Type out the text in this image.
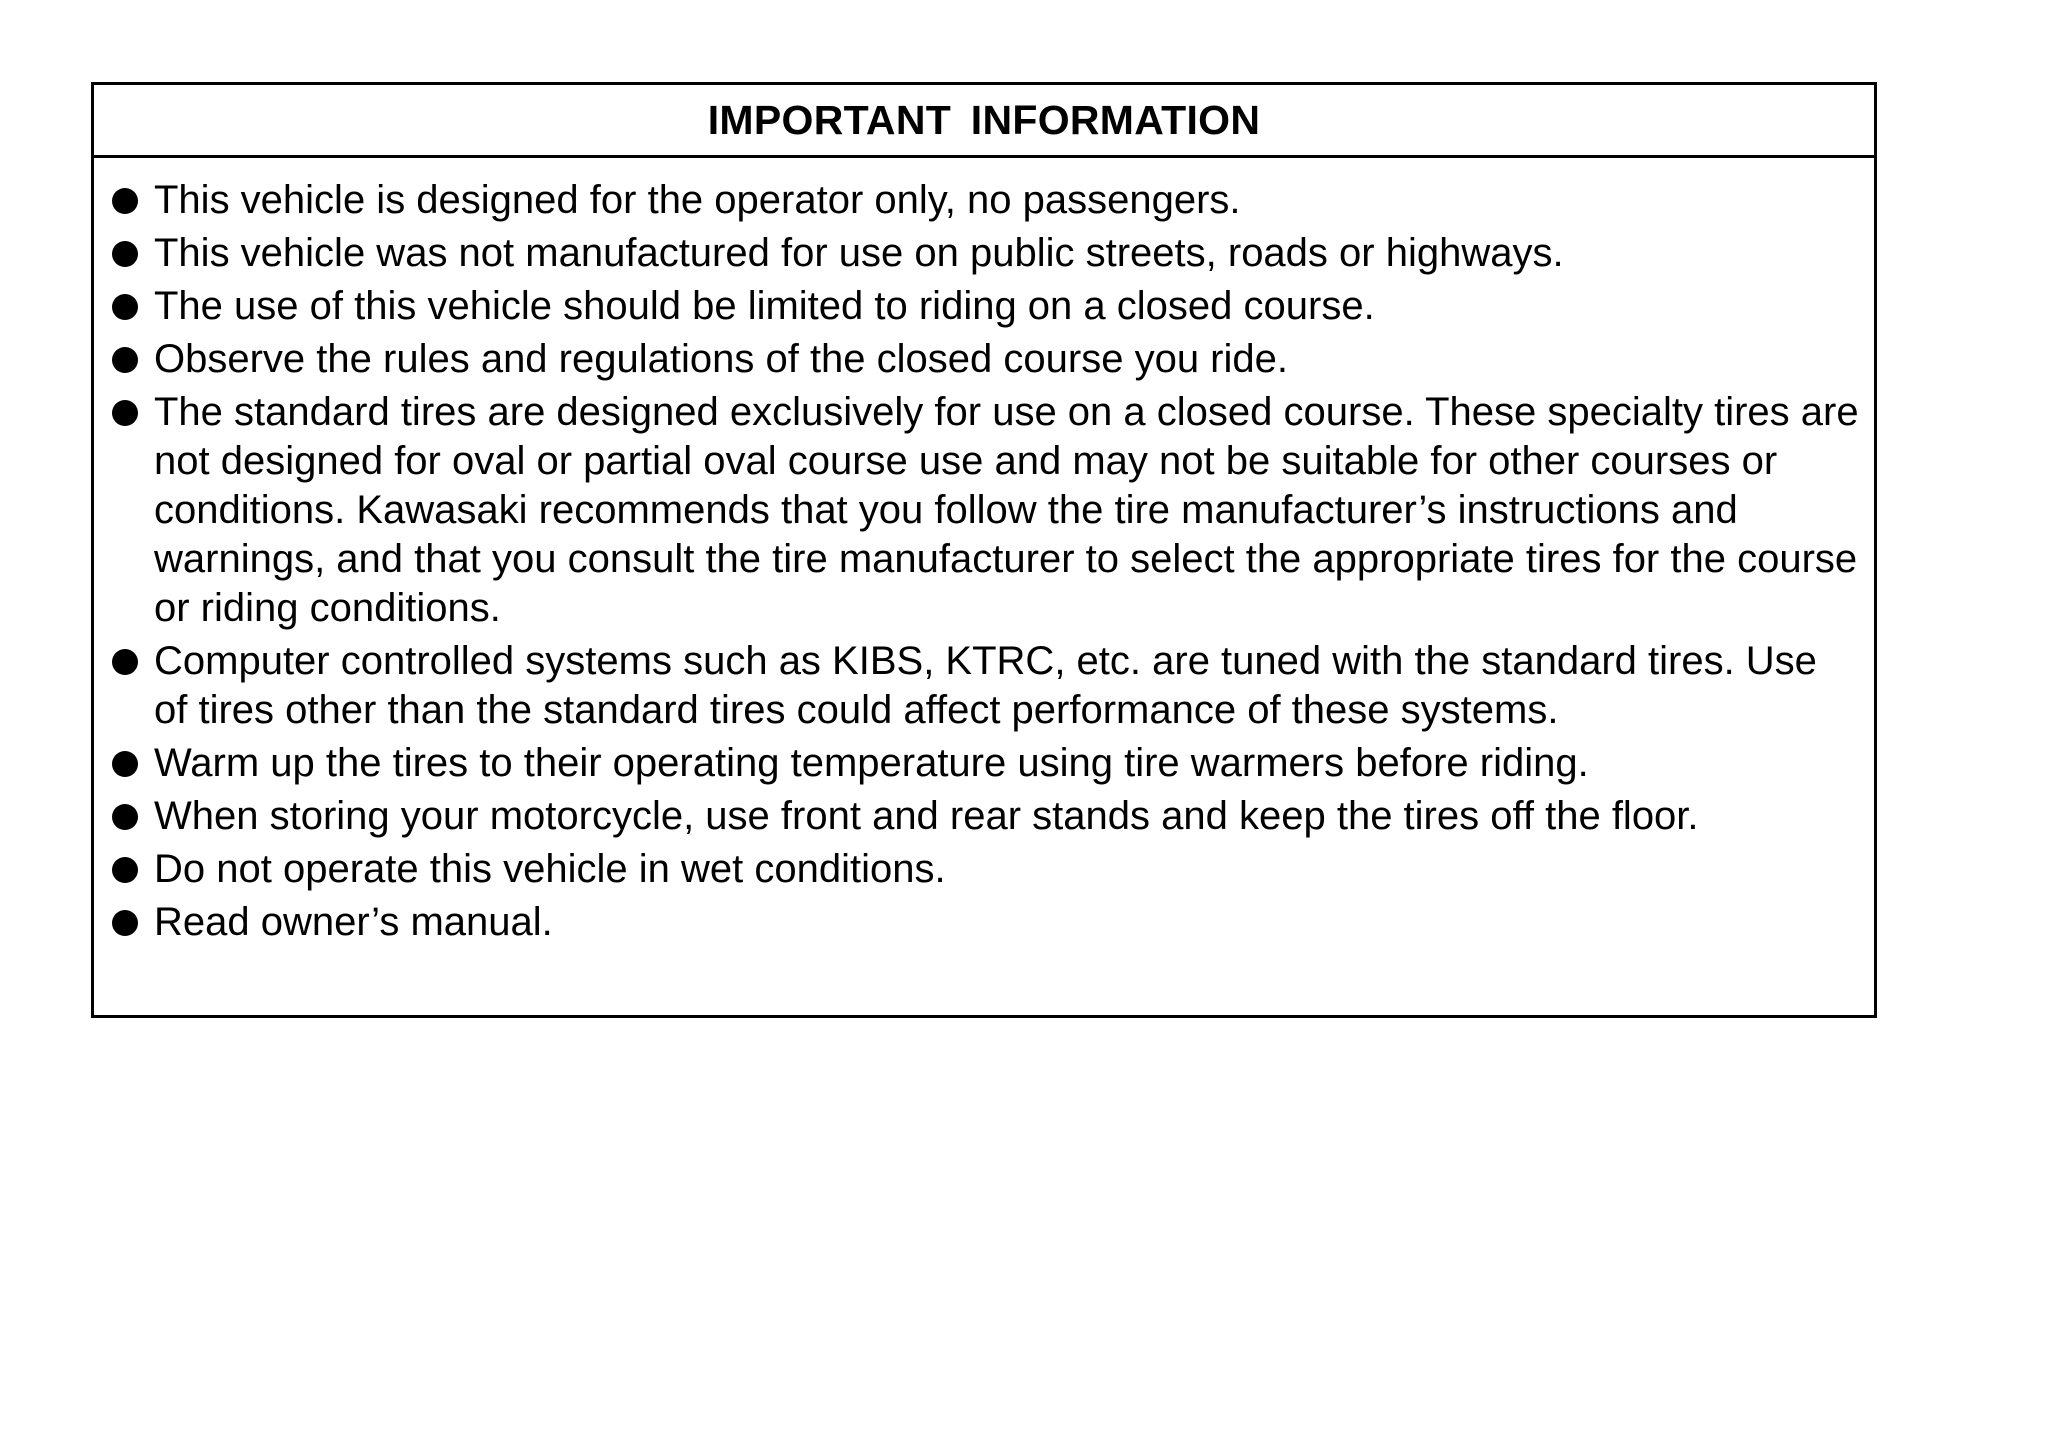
IMPORTANT INFORMATION
This vehicle is designed for the operator only, no passengers.
This vehicle was not manufactured for use on public streets, roads or highways.
The use of this vehicle should be limited to riding on a closed course.
Observe the rules and regulations of the closed course you ride.
The standard tires are designed exclusively for use on a closed course. These specialty tires are not designed for oval or partial oval course use and may not be suitable for other courses or conditions. Kawasaki recommends that you follow the tire manufacturer’s instructions and warnings, and that you consult the tire manufacturer to select the appropriate tires for the course or riding conditions.
Computer controlled systems such as KIBS, KTRC, etc. are tuned with the standard tires. Use of tires other than the standard tires could affect performance of these systems.
Warm up the tires to their operating temperature using tire warmers before riding.
When storing your motorcycle, use front and rear stands and keep the tires off the floor.
Do not operate this vehicle in wet conditions.
Read owner’s manual.
